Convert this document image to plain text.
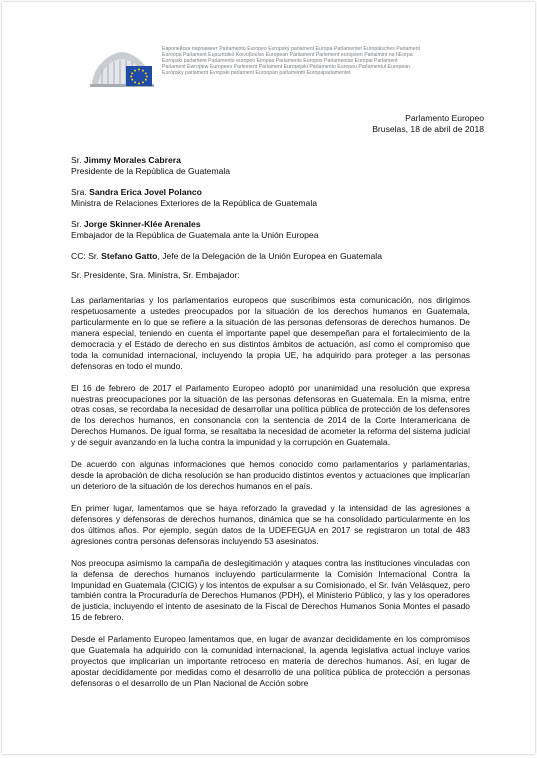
Европейски парламент Parlamento Europeo Evropský parlament Europa-Parlamentet Europäisches Parlament
Euroopa Parlament Ευρωπαϊκό Κοινοβούλιο European Parliament Parlement européen Parlaimint na hEorpa
Europski parlament Parlamento europeo Eiropas Parlaments Europos Parlamentas Európai Parlament
Parlament Ewropew Europees Parlement Parlament Europejski Parlamento Europeu Parlamentul European
Európsky parlament Evropski parlament Euroopan parlamentti Europaparlamentet
Parlamento Europeo
Bruselas, 18 de abril de 2018
Sr. Jimmy Morales Cabrera
Presidente de la República de Guatemala
Sra. Sandra Erica Jovel Polanco
Ministra de Relaciones Exteriores de la República de Guatemala
Sr. Jorge Skinner-Klée Arenales
Embajador de la República de Guatemala ante la Unión Europea
CC: Sr. Stefano Gatto, Jefe de la Delegación de la Unión Europea en Guatemala
Sr. Presidente, Sra. Ministra, Sr. Embajador:

Las parlamentarias y los parlamentarios europeos que suscribimos esta comunicación, nos dirigimos respetuosamente a ustedes preocupados por la situación de los derechos humanos en Guatemala, particularmente en lo que se refiere a la situación de las personas defensoras de derechos humanos. De manera especial, teniendo en cuenta el importante papel que desempeñan para el fortalecimiento de la democracia y el Estado de derecho en sus distintos ámbitos de actuación, así como el compromiso que toda la comunidad internacional, incluyendo la propia UE, ha adquirido para proteger a las personas defensoras en todo el mundo.

El 16 de febrero de 2017 el Parlamento Europeo adoptó por unanimidad una resolución que expresa nuestras preocupaciones por la situación de las personas defensoras en Guatemala. En la misma, entre otras cosas, se recordaba la necesidad de desarrollar una política pública de protección de los defensores de los derechos humanos, en consonancia con la sentencia de 2014 de la Corte Interamericana de Derechos Humanos. De igual forma, se resaltaba la necesidad de acometer la reforma del sistema judicial y de seguir avanzando en la lucha contra la impunidad y la corrupción en Guatemala.

De acuerdo con algunas informaciones que hemos conocido como parlamentarios y parlamentarias, desde la aprobación de dicha resolución se han producido distintos eventos y actuaciones que implicarían un deterioro de la situación de los derechos humanos en el país.

En primer lugar, lamentamos que se haya reforzado la gravedad y la intensidad de las agresiones a defensores y defensoras de derechos humanos, dinámica que se ha consolidado particularmente en los dos últimos años. Por ejemplo, según datos de la UDEFEGUA en 2017 se registraron un total de 483 agresiones contra personas defensoras incluyendo 53 asesinatos.

Nos preocupa asimismo la campaña de deslegitimación y ataques contra las instituciones vinculadas con la defensa de derechos humanos incluyendo particularmente la Comisión Internacional Contra la Impunidad en Guatemala (CICIG) y los intentos de expulsar a su Comisionado, el Sr. Iván Velásquez, pero también contra la Procuraduría de Derechos Humanos (PDH), el Ministerio Público, y las y los operadores de justicia, incluyendo el intento de asesinato de la Fiscal de Derechos Humanos Sonia Montes el pasado 15 de febrero.

Desde el Parlamento Europeo lamentamos que, en lugar de avanzar decididamente en los compromisos que Guatemala ha adquirido con la comunidad internacional, la agenda legislativa actual incluye varios proyectos que implicarían un importante retroceso en materia de derechos humanos. Así, en lugar de apostar decididamente por medidas como el desarrollo de una política pública de protección a personas defensoras o el desarrollo de un Plan Nacional de Acción sobre
